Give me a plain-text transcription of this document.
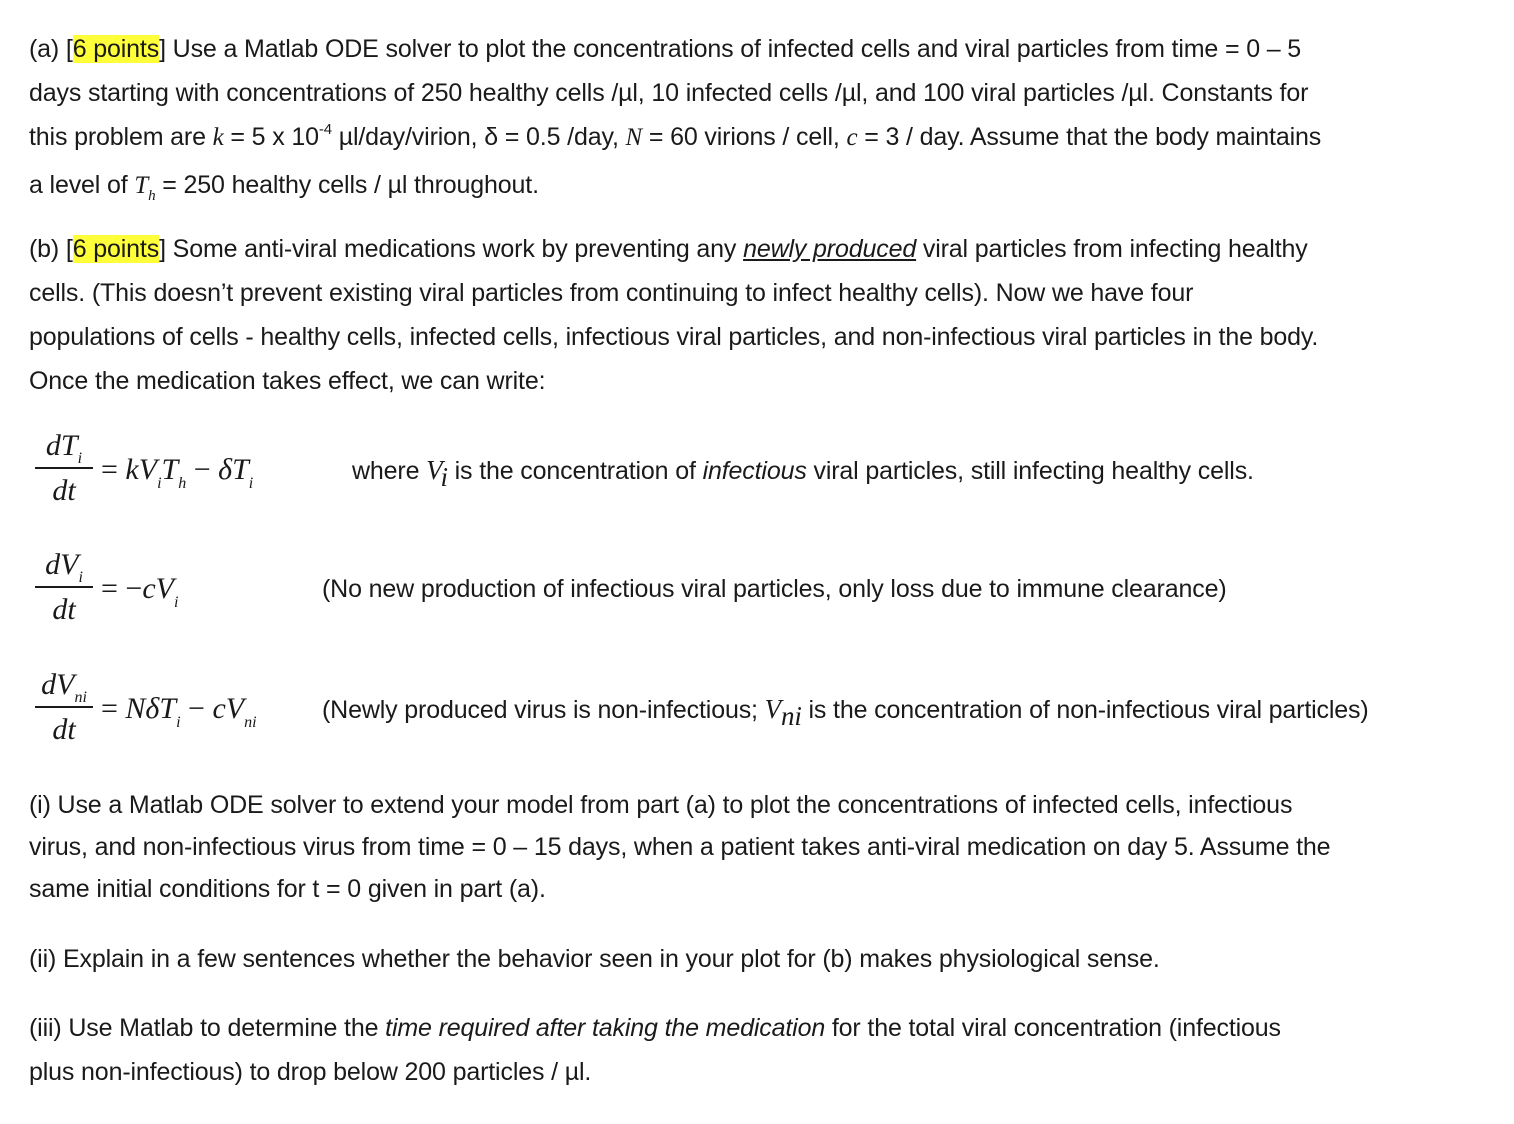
(a) [6 points] Use a Matlab ODE solver to plot the concentrations of infected cells and viral particles from time = 0 – 5
days starting with concentrations of 250 healthy cells /µl, 10 infected cells /µl, and 100 viral particles /µl. Constants for
this problem are k = 5 x $10^{-4}$ µl/day/virion, δ = 0.5 /day, N = 60 virions / cell, c = 3 / day. Assume that the body maintains
a level of $T_h = 250$ healthy cells / µl throughout.
(b) [6 points] Some anti-viral medications work by preventing any newly produced viral particles from infecting healthy
cells. (This doesn’t prevent existing viral particles from continuing to infect healthy cells). Now we have four
populations of cells - healthy cells, infected cells, infectious viral particles, and non-infectious viral particles in the body.
Once the medication takes effect, we can write:
$dT_i$
dt
= $kV_iT_h - \delta T_i$	where Vi is the concentration of infectious viral particles, still infecting healthy cells.
$dV_i$
dt
= $-cV_i$	(No new production of infectious viral particles, only loss due to immune clearance)
$dV_{ni}$
dt
= $N\delta T_i - cV_{ni}$	(Newly produced virus is non-infectious; Vni is the concentration of non-infectious viral particles)
(i) Use a Matlab ODE solver to extend your model from part (a) to plot the concentrations of infected cells, infectious
virus, and non-infectious virus from time = 0 – 15 days, when a patient takes anti-viral medication on day 5. Assume the
same initial conditions for t = 0 given in part (a).
(ii) Explain in a few sentences whether the behavior seen in your plot for (b) makes physiological sense.
(iii) Use Matlab to determine the time required after taking the medication for the total viral concentration (infectious
plus non-infectious) to drop below 200 particles / µl.
